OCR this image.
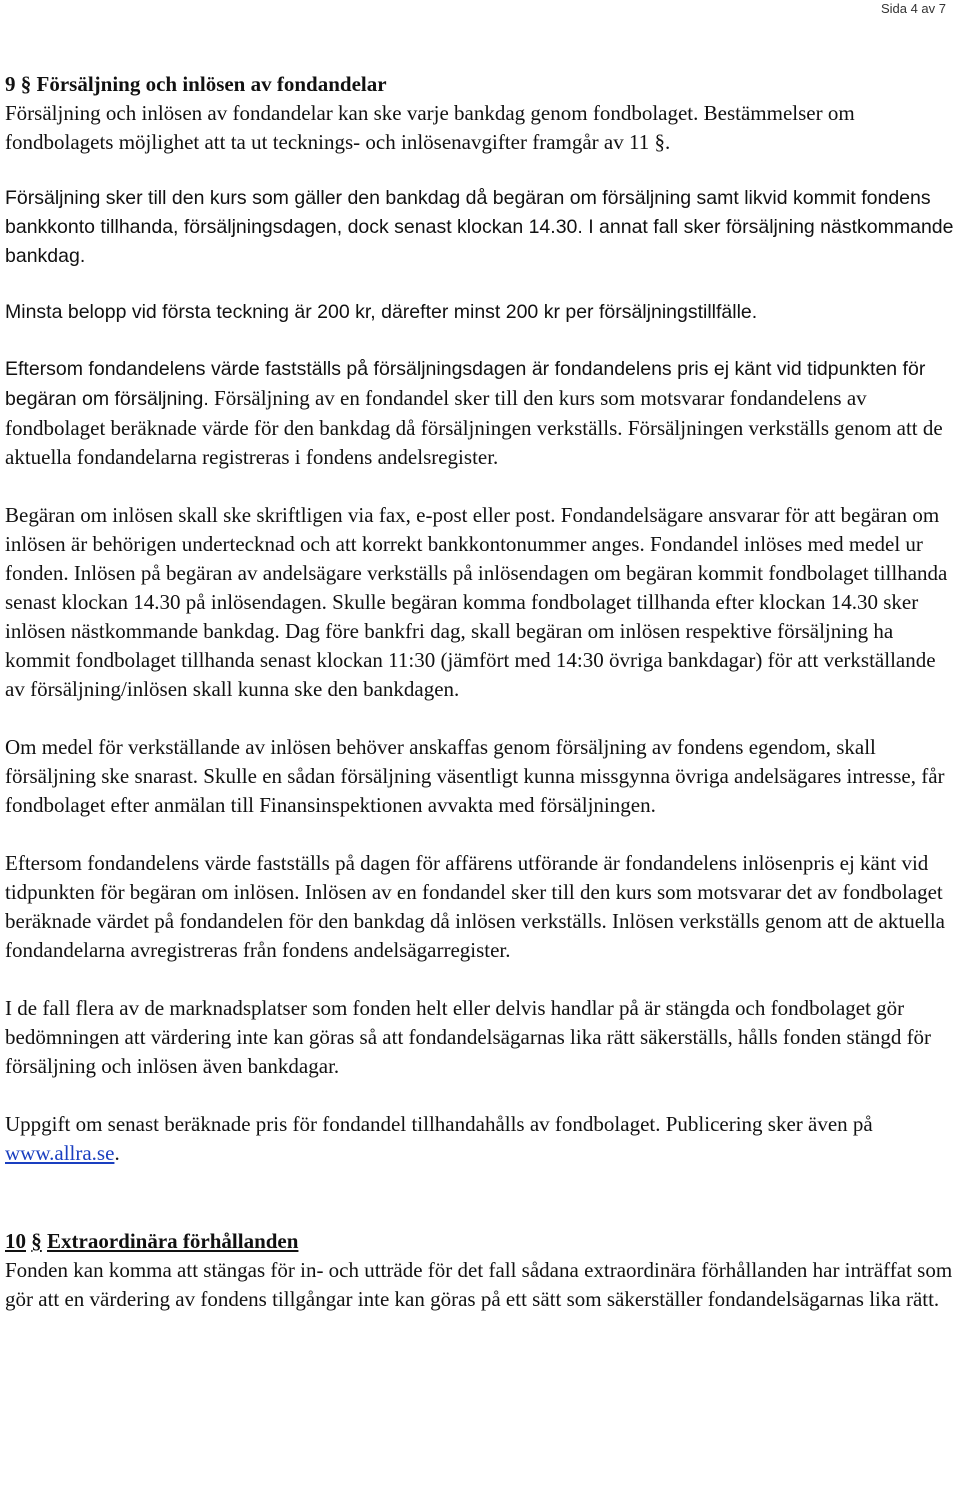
Sida 4 av 7
9 § Försäljning och inlösen av fondandelar

Försäljning och inlösen av fondandelar kan ske varje bankdag genom fondbolaget. Bestämmelser om fondbolagets möjlighet att ta ut tecknings- och inlösenavgifter framgår av 11 §.

Försäljning sker till den kurs som gäller den bankdag då begäran om försäljning samt likvid kommit fondens bankkonto tillhanda, försäljningsdagen, dock senast klockan 14.30. I annat fall sker försäljning nästkommande bankdag.

Minsta belopp vid första teckning är 200 kr, därefter minst 200 kr per försäljningstillfälle.

Eftersom fondandelens värde fastställs på försäljningsdagen är fondandelens pris ej känt vid tidpunkten för begäran om försäljning. Försäljning av en fondandel sker till den kurs som motsvarar fondandelens av fondbolaget beräknade värde för den bankdag då försäljningen verkställs. Försäljningen verkställs genom att de aktuella fondandelarna registreras i fondens andelsregister.

Begäran om inlösen skall ske skriftligen via fax, e-post eller post. Fondandelsägare ansvarar för att begäran om inlösen är behörigen undertecknad och att korrekt bankkontonummer anges. Fondandel inlöses med medel ur fonden. Inlösen på begäran av andelsägare verkställs på inlösendagen om begäran kommit fondbolaget tillhanda senast klockan 14.30 på inlösendagen. Skulle begäran komma fondbolaget tillhanda efter klockan 14.30 sker inlösen nästkommande bankdag. Dag före bankfri dag, skall begäran om inlösen respektive försäljning ha kommit fondbolaget tillhanda senast klockan 11:30 (jämfört med 14:30 övriga bankdagar) för att verkställande av försäljning/inlösen skall kunna ske den bankdagen.

Om medel för verkställande av inlösen behöver anskaffas genom försäljning av fondens egendom, skall försäljning ske snarast. Skulle en sådan försäljning väsentligt kunna missgynna övriga andelsägares intresse, får fondbolaget efter anmälan till Finansinspektionen avvakta med försäljningen.

Eftersom fondandelens värde fastställs på dagen för affärens utförande är fondandelens inlösenpris ej känt vid tidpunkten för begäran om inlösen. Inlösen av en fondandel sker till den kurs som motsvarar det av fondbolaget beräknade värdet på fondandelen för den bankdag då inlösen verkställs. Inlösen verkställs genom att de aktuella fondandelarna avregistreras från fondens andelsägarregister.

I de fall flera av de marknadsplatser som fonden helt eller delvis handlar på är stängda och fondbolaget gör bedömningen att värdering inte kan göras så att fondandelsägarnas lika rätt säkerställs, hålls fonden stängd för försäljning och inlösen även bankdagar.

Uppgift om senast beräknade pris för fondandel tillhandahålls av fondbolaget. Publicering sker även på www.allra.se.

10 § Extraordinära förhållanden

Fonden kan komma att stängas för in- och utträde för det fall sådana extraordinära förhållanden har inträffat som gör att en värdering av fondens tillgångar inte kan göras på ett sätt som säkerställer fondandelsägarnas lika rätt.
